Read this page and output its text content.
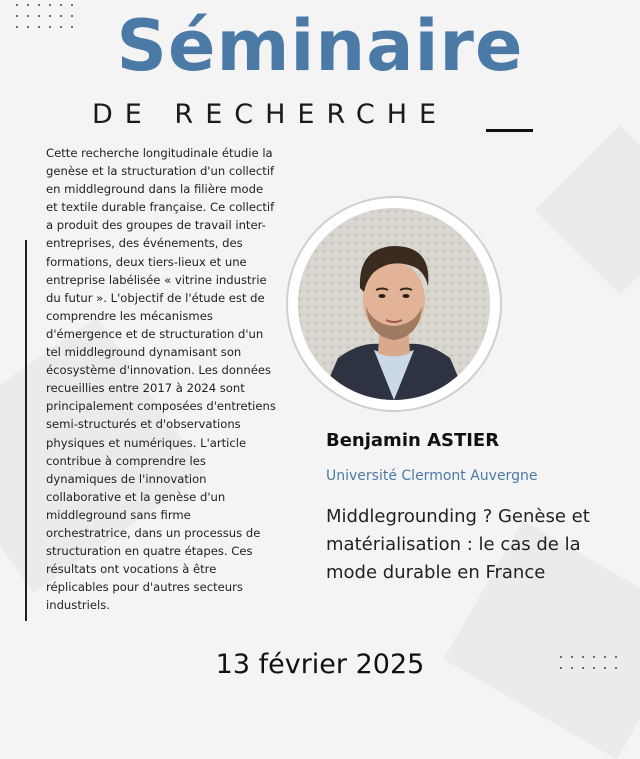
Séminaire
DE RECHERCHE
Cette recherche longitudinale étudie la genèse et la structuration d'un collectif en middleground dans la filière mode et textile durable française. Ce collectif a produit des groupes de travail inter-entreprises, des événements, des formations, deux tiers-lieux et une entreprise labélisée « vitrine industrie du futur ». L'objectif de l'étude est de comprendre les mécanismes d'émergence et de structuration d'un tel middleground dynamisant son écosystème d'innovation. Les données recueillies entre 2017 à 2024 sont principalement composées d'entretiens semi-structurés et d'observations physiques et numériques. L'article contribue à comprendre les dynamiques de l'innovation collaborative et la genèse d'un middleground sans firme orchestratrice, dans un processus de structuration en quatre étapes. Ces résultats ont vocations à être réplicables pour d'autres secteurs industriels.
Benjamin ASTIER
Université Clermont Auvergne
Middlegrounding ? Genèse et matérialisation : le cas de la mode durable en France
13 février 2025
